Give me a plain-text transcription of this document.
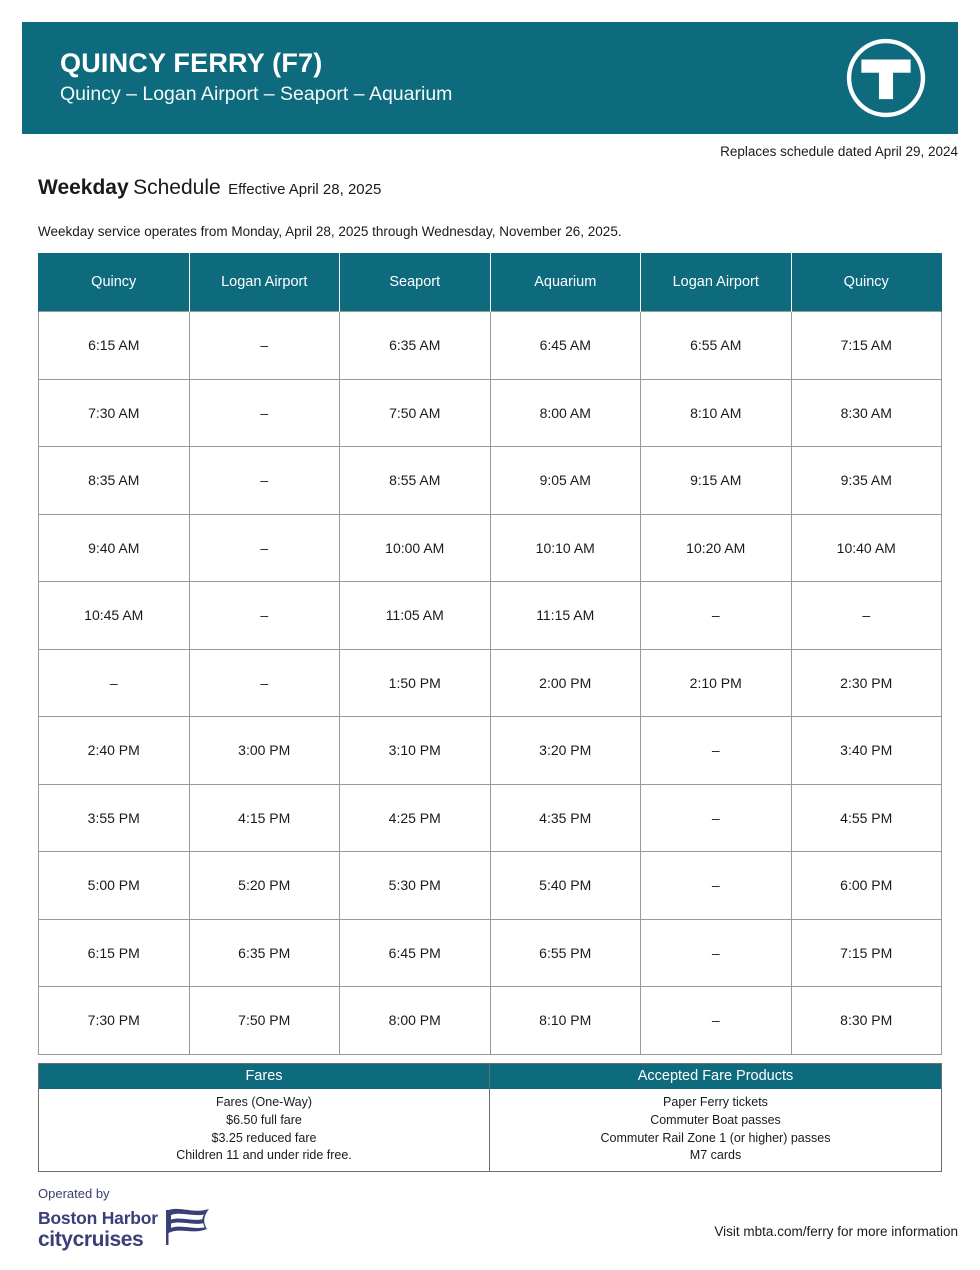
QUINCY FERRY (F7)
Quincy – Logan Airport – Seaport – Aquarium
Replaces schedule dated April 29, 2024
Weekday Schedule Effective April 28, 2025
Weekday service operates from Monday, April 28, 2025 through Wednesday, November 26, 2025.
Quincy	Logan Airport	Seaport	Aquarium	Logan Airport	Quincy
6:15 AM	–	6:35 AM	6:45 AM	6:55 AM	7:15 AM
7:30 AM	–	7:50 AM	8:00 AM	8:10 AM	8:30 AM
8:35 AM	–	8:55 AM	9:05 AM	9:15 AM	9:35 AM
9:40 AM	–	10:00 AM	10:10 AM	10:20 AM	10:40 AM
10:45 AM	–	11:05 AM	11:15 AM	–	–
–	–	1:50 PM	2:00 PM	2:10 PM	2:30 PM
2:40 PM	3:00 PM	3:10 PM	3:20 PM	–	3:40 PM
3:55 PM	4:15 PM	4:25 PM	4:35 PM	–	4:55 PM
5:00 PM	5:20 PM	5:30 PM	5:40 PM	–	6:00 PM
6:15 PM	6:35 PM	6:45 PM	6:55 PM	–	7:15 PM
7:30 PM	7:50 PM	8:00 PM	8:10 PM	–	8:30 PM
Fares
Fares (One-Way)
$6.50 full fare
$3.25 reduced fare
Children 11 and under ride free.
Accepted Fare Products
Paper Ferry tickets
Commuter Boat passes
Commuter Rail Zone 1 (or higher) passes
M7 cards
Operated by
Boston Harbor
citycruises	Visit mbta.com/ferry for more information
